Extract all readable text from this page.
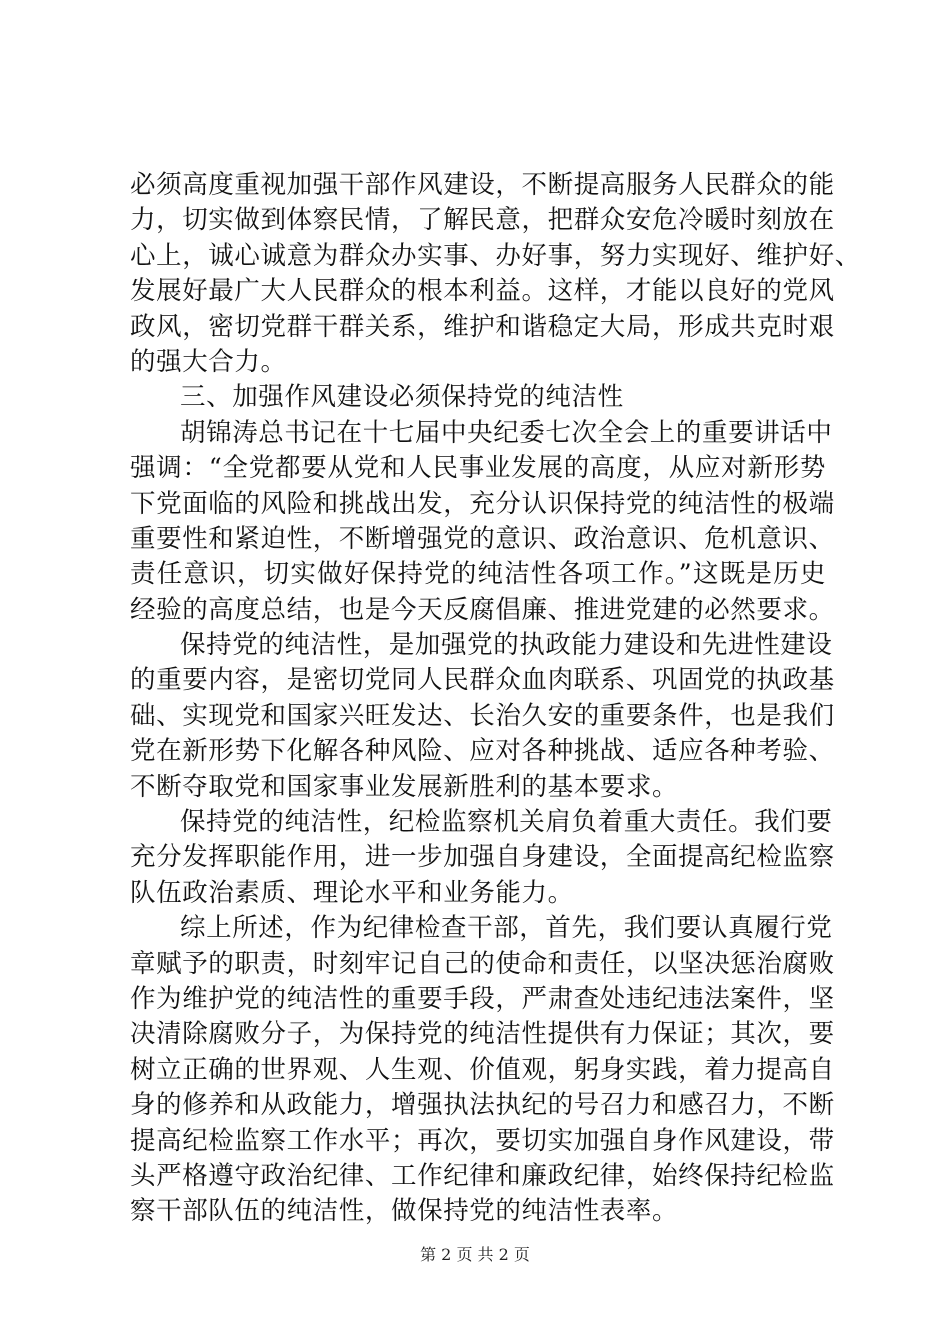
必须高度重视加强干部作风建设，不断提高服务人民群众的能
力，切实做到体察民情，了解民意，把群众安危冷暖时刻放在
心上，诚心诚意为群众办实事、办好事，努力实现好、维护好、
发展好最广大人民群众的根本利益。这样，才能以良好的党风
政风，密切党群干群关系，维护和谐稳定大局，形成共克时艰
的强大合力。
三、加强作风建设必须保持党的纯洁性
胡锦涛总书记在十七届中央纪委七次全会上的重要讲话中
强调：“全党都要从党和人民事业发展的高度，从应对新形势
下党面临的风险和挑战出发，充分认识保持党的纯洁性的极端
重要性和紧迫性，不断增强党的意识、政治意识、危机意识、
责任意识，切实做好保持党的纯洁性各项工作。”这既是历史
经验的高度总结，也是今天反腐倡廉、推进党建的必然要求。
保持党的纯洁性，是加强党的执政能力建设和先进性建设
的重要内容，是密切党同人民群众血肉联系、巩固党的执政基
础、实现党和国家兴旺发达、长治久安的重要条件，也是我们
党在新形势下化解各种风险、应对各种挑战、适应各种考验、
不断夺取党和国家事业发展新胜利的基本要求。
保持党的纯洁性，纪检监察机关肩负着重大责任。我们要
充分发挥职能作用，进一步加强自身建设，全面提高纪检监察
队伍政治素质、理论水平和业务能力。
综上所述，作为纪律检查干部，首先，我们要认真履行党
章赋予的职责，时刻牢记自己的使命和责任，以坚决惩治腐败
作为维护党的纯洁性的重要手段，严肃查处违纪违法案件，坚
决清除腐败分子，为保持党的纯洁性提供有力保证；其次，要
树立正确的世界观、人生观、价值观，躬身实践，着力提高自
身的修养和从政能力，增强执法执纪的号召力和感召力，不断
提高纪检监察工作水平；再次，要切实加强自身作风建设，带
头严格遵守政治纪律、工作纪律和廉政纪律，始终保持纪检监
察干部队伍的纯洁性，做保持党的纯洁性表率。
第 2 页 共 2 页
